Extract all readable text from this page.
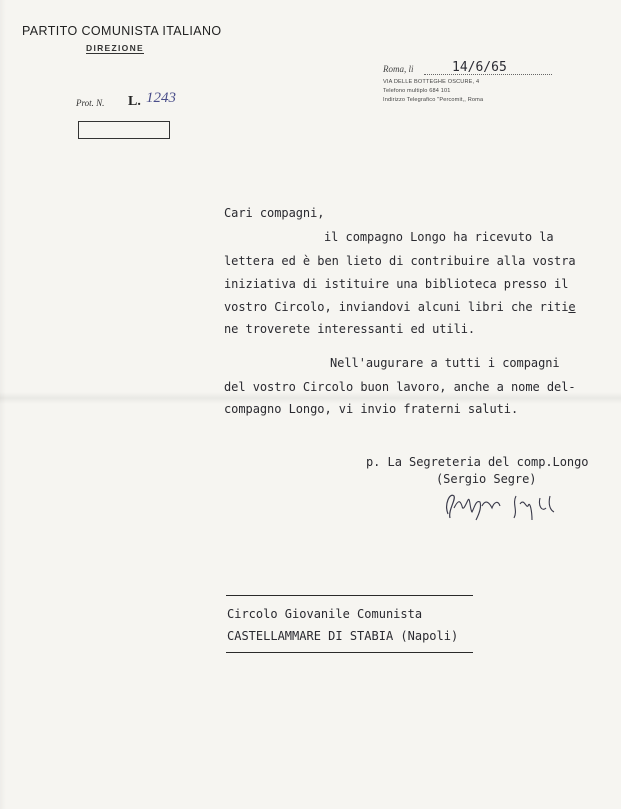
PARTITO COMUNISTA ITALIANO
DIREZIONE
Prot. N. L. 1243
Roma, li	14/6/65
VIA DELLE BOTTEGHE OSCURE, 4
Telefono multiplo 684 101
Indirizzo Telegrafico "Percomit,, Roma
Cari compagni,
il compagno Longo ha ricevuto la
lettera ed è ben lieto di contribuire alla vostra
iniziativa di istituire una biblioteca presso il
vostro Circolo, inviandovi alcuni libri che ritie
ne troverete interessanti ed utili.
Nell'augurare a tutti i compagni
del vostro Circolo buon lavoro, anche a nome del-
compagno Longo, vi invio fraterni saluti.
p. La Segreteria del comp.Longo
(Sergio Segre)
Circolo Giovanile Comunista
CASTELLAMMARE DI STABIA (Napoli)
